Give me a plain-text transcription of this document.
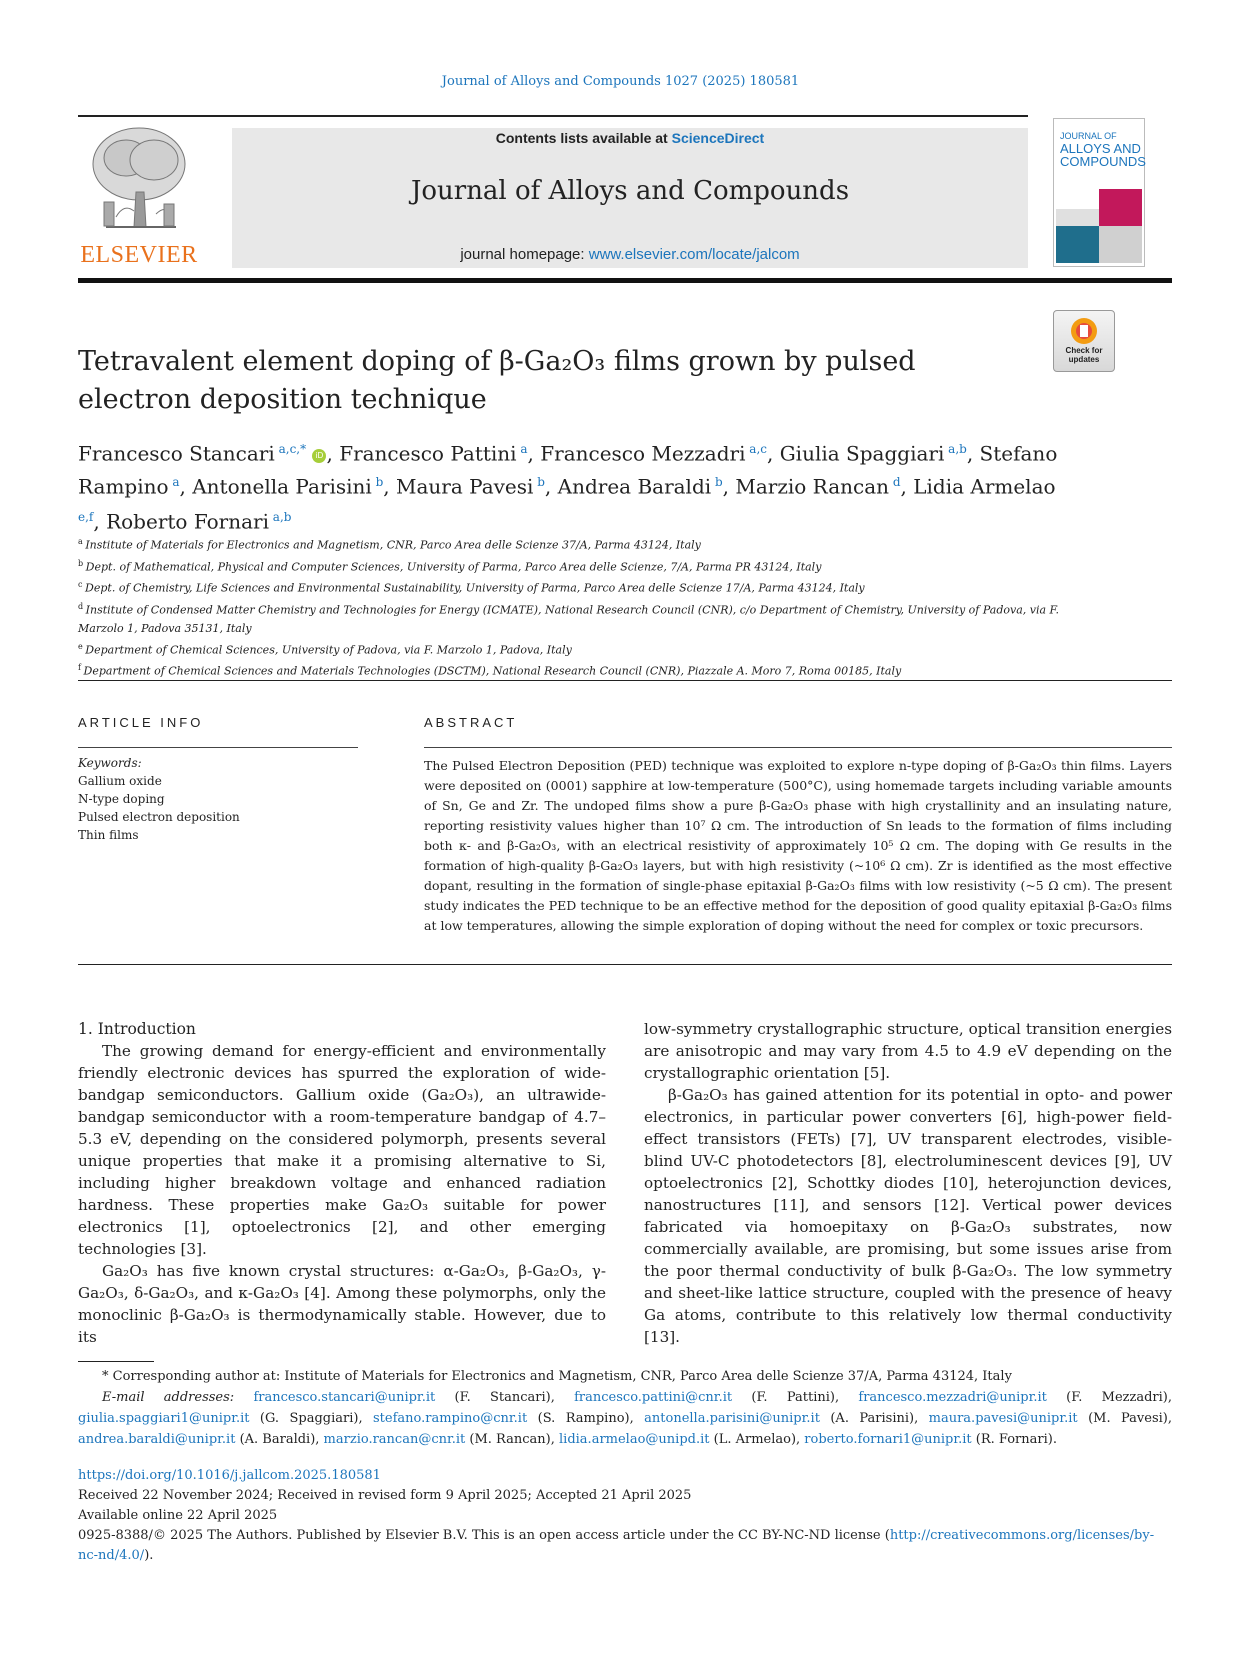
Journal of Alloys and Compounds 1027 (2025) 180581
ELSEVIER
Contents lists available at ScienceDirect
Journal of Alloys and Compounds
journal homepage: www.elsevier.com/locate/jalcom
JOURNAL OF
ALLOYS AND
COMPOUNDS
Check for updates
Tetravalent element doping of β-Ga₂O₃ films grown by pulsed electron deposition technique
Francesco Stancari $^{a,c,*}$ iD , Francesco Pattini $^a$, Francesco Mezzadri $^{a,c}$, Giulia Spaggiari $^{a,b}$, Stefano Rampino $^a$, Antonella Parisini $^b$, Maura Pavesi $^b$, Andrea Baraldi $^b$, Marzio Rancan $^d$, Lidia Armelao $^{e,f}$, Roberto Fornari $^{a,b}$
$^a$ Institute of Materials for Electronics and Magnetism, CNR, Parco Area delle Scienze 37/A, Parma 43124, Italy
$^b$ Dept. of Mathematical, Physical and Computer Sciences, University of Parma, Parco Area delle Scienze, 7/A, Parma PR 43124, Italy
$^c$ Dept. of Chemistry, Life Sciences and Environmental Sustainability, University of Parma, Parco Area delle Scienze 17/A, Parma 43124, Italy
$^d$ Institute of Condensed Matter Chemistry and Technologies for Energy (ICMATE), National Research Council (CNR), c/o Department of Chemistry, University of Padova, via F. Marzolo 1, Padova 35131, Italy
$^e$ Department of Chemical Sciences, University of Padova, via F. Marzolo 1, Padova, Italy
$^f$ Department of Chemical Sciences and Materials Technologies (DSCTM), National Research Council (CNR), Piazzale A. Moro 7, Roma 00185, Italy
ARTICLE INFO	ABSTRACT
Keywords:
Gallium oxide
N-type doping
Pulsed electron deposition
Thin films
The Pulsed Electron Deposition (PED) technique was exploited to explore n-type doping of β-Ga₂O₃ thin films. Layers were deposited on (0001) sapphire at low-temperature (500°C), using homemade targets including variable amounts of Sn, Ge and Zr. The undoped films show a pure β-Ga₂O₃ phase with high crystallinity and an insulating nature, reporting resistivity values higher than 10⁷ Ω cm. The introduction of Sn leads to the formation of films including both κ- and β-Ga₂O₃, with an electrical resistivity of approximately 10⁵ Ω cm. The doping with Ge results in the formation of high-quality β-Ga₂O₃ layers, but with high resistivity (~10⁶ Ω cm). Zr is identified as the most effective dopant, resulting in the formation of single-phase epitaxial β-Ga₂O₃ films with low resistivity (~5 Ω cm). The present study indicates the PED technique to be an effective method for the deposition of good quality epitaxial β-Ga₂O₃ films at low temperatures, allowing the simple exploration of doping without the need for complex or toxic precursors.

1. Introduction

The growing demand for energy-efficient and environmentally friendly electronic devices has spurred the exploration of wide-bandgap semiconductors. Gallium oxide (Ga₂O₃), an ultrawide-bandgap semiconductor with a room-temperature bandgap of 4.7–5.3 eV, depending on the considered polymorph, presents several unique properties that make it a promising alternative to Si, including higher breakdown voltage and enhanced radiation hardness. These properties make Ga₂O₃ suitable for power electronics [1], optoelectronics [2], and other emerging technologies [3].

Ga₂O₃ has five known crystal structures: α-Ga₂O₃, β-Ga₂O₃, γ-Ga₂O₃, δ-Ga₂O₃, and κ-Ga₂O₃ [4]. Among these polymorphs, only the monoclinic β-Ga₂O₃ is thermodynamically stable. However, due to its

low-symmetry crystallographic structure, optical transition energies are anisotropic and may vary from 4.5 to 4.9 eV depending on the crystallographic orientation [5].

β-Ga₂O₃ has gained attention for its potential in opto- and power electronics, in particular power converters [6], high-power field-effect transistors (FETs) [7], UV transparent electrodes, visible-blind UV-C photodetectors [8], electroluminescent devices [9], UV optoelectronics [2], Schottky diodes [10], heterojunction devices, nanostructures [11], and sensors [12]. Vertical power devices fabricated via homoepitaxy on β-Ga₂O₃ substrates, now commercially available, are promising, but some issues arise from the poor thermal conductivity of bulk β-Ga₂O₃. The low symmetry and sheet-like lattice structure, coupled with the presence of heavy Ga atoms, contribute to this relatively low thermal conductivity [13].

* Corresponding author at: Institute of Materials for Electronics and Magnetism, CNR, Parco Area delle Scienze 37/A, Parma 43124, Italy
E-mail addresses: francesco.stancari@unipr.it (F. Stancari), francesco.pattini@cnr.it (F. Pattini), francesco.mezzadri@unipr.it (F. Mezzadri), giulia.spaggiari1@unipr.it (G. Spaggiari), stefano.rampino@cnr.it (S. Rampino), antonella.parisini@unipr.it (A. Parisini), maura.pavesi@unipr.it (M. Pavesi), andrea.baraldi@unipr.it (A. Baraldi), marzio.rancan@cnr.it (M. Rancan), lidia.armelao@unipd.it (L. Armelao), roberto.fornari1@unipr.it (R. Fornari).
https://doi.org/10.1016/j.jallcom.2025.180581
Received 22 November 2024; Received in revised form 9 April 2025; Accepted 21 April 2025
Available online 22 April 2025
0925-8388/© 2025 The Authors. Published by Elsevier B.V. This is an open access article under the CC BY-NC-ND license (http://creativecommons.org/licenses/by-nc-nd/4.0/).
